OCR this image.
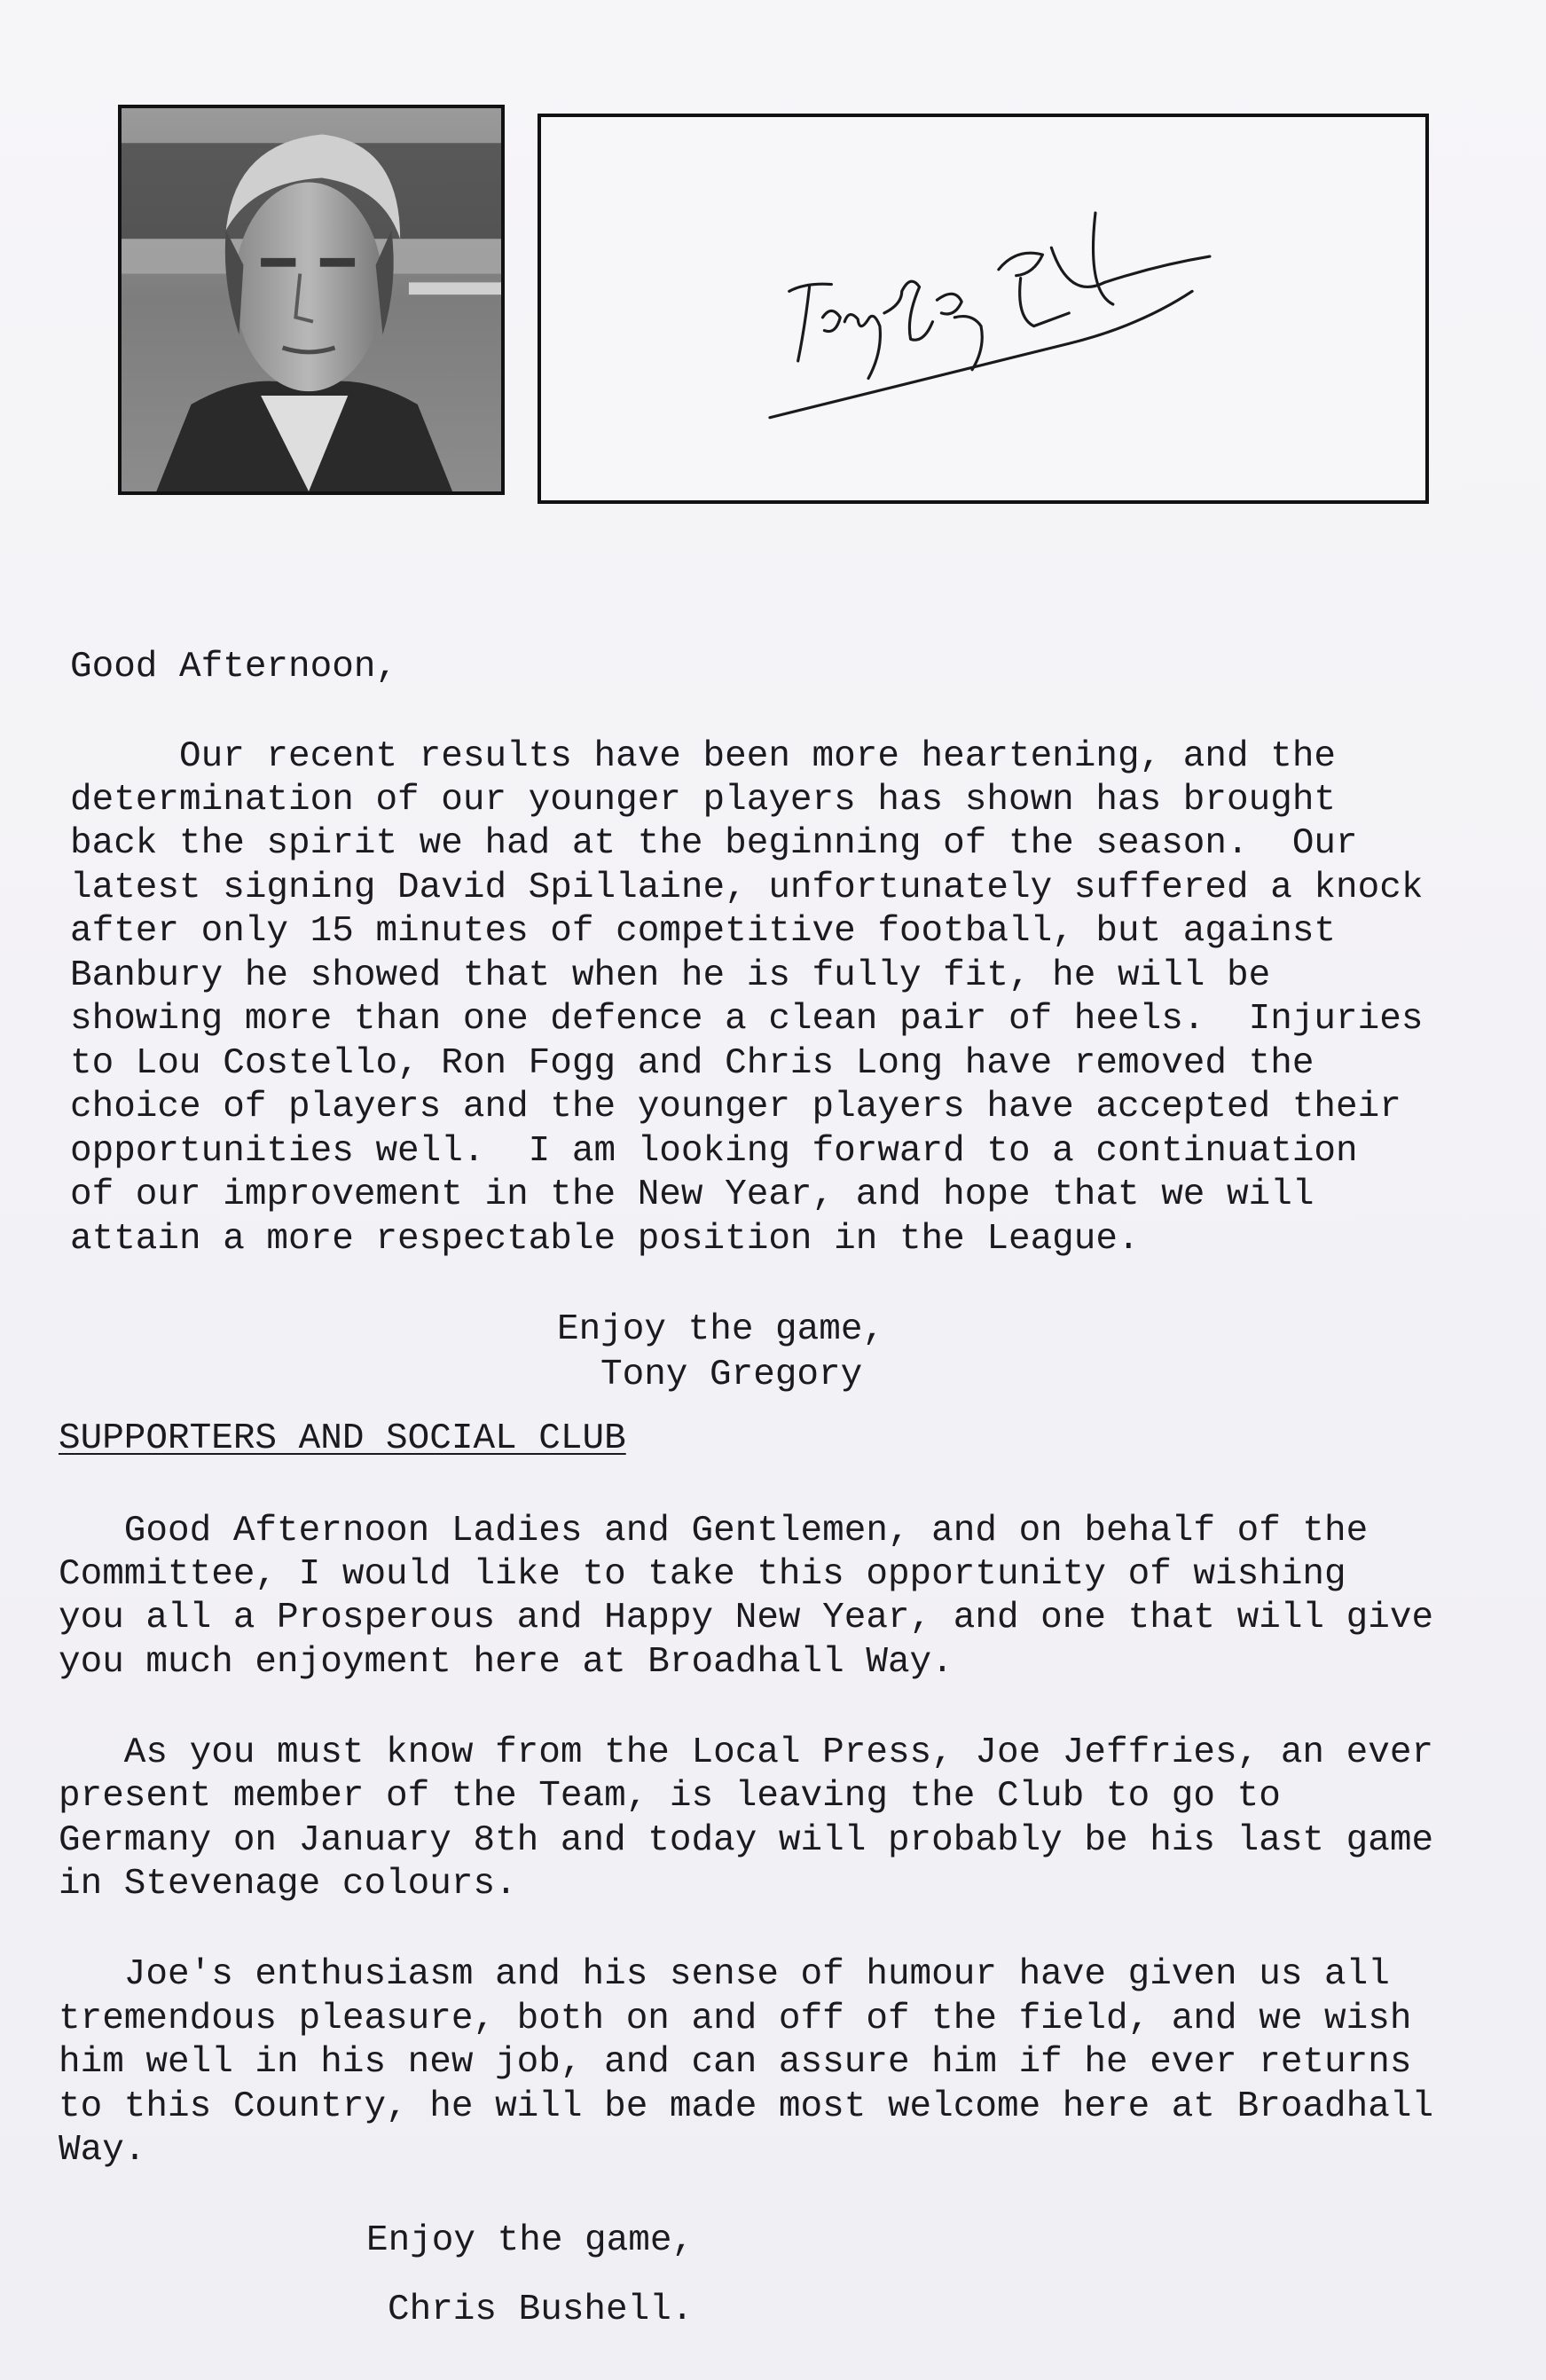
Good Afternoon,
Our recent results have been more heartening, and the
determination of our younger players has shown has brought
back the spirit we had at the beginning of the season.  Our
latest signing David Spillaine, unfortunately suffered a knock
after only 15 minutes of competitive football, but against
Banbury he showed that when he is fully fit, he will be
showing more than one defence a clean pair of heels.  Injuries
to Lou Costello, Ron Fogg and Chris Long have removed the
choice of players and the younger players have accepted their
opportunities well.  I am looking forward to a continuation
of our improvement in the New Year, and hope that we will
attain a more respectable position in the League.
Enjoy the game,
Tony Gregory
SUPPORTERS AND SOCIAL CLUB
Good Afternoon Ladies and Gentlemen, and on behalf of the
Committee, I would like to take this opportunity of wishing
you all a Prosperous and Happy New Year, and one that will give
you much enjoyment here at Broadhall Way.
As you must know from the Local Press, Joe Jeffries, an ever
present member of the Team, is leaving the Club to go to
Germany on January 8th and today will probably be his last game
in Stevenage colours.
Joe's enthusiasm and his sense of humour have given us all
tremendous pleasure, both on and off of the field, and we wish
him well in his new job, and can assure him if he ever returns
to this Country, he will be made most welcome here at Broadhall
Way.
Enjoy the game,
Chris Bushell.
